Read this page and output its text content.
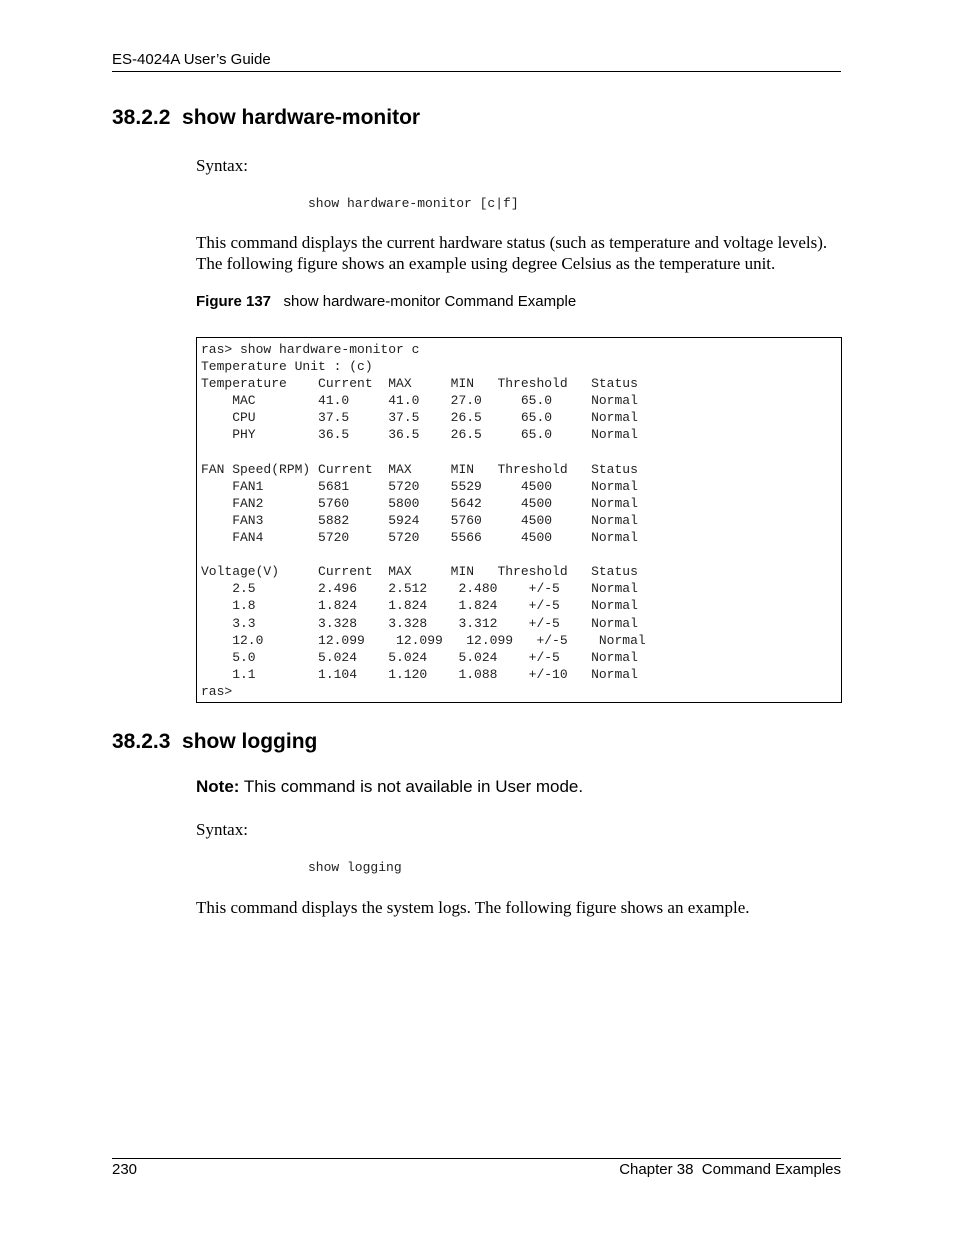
ES-4024A User’s Guide
38.2.2  show hardware-monitor
Syntax:
show hardware-monitor [c|f]
This command displays the current hardware status (such as temperature and voltage levels). The following figure shows an example using degree Celsius as the temperature unit.
Figure 137 show hardware-monitor Command Example
ras> show hardware-monitor c
Temperature Unit : (c)
Temperature    Current  MAX     MIN   Threshold   Status
MAC        41.0     41.0    27.0     65.0     Normal
CPU        37.5     37.5    26.5     65.0     Normal
PHY        36.5     36.5    26.5     65.0     Normal

FAN Speed(RPM) Current  MAX     MIN   Threshold   Status
FAN1       5681     5720    5529     4500     Normal
FAN2       5760     5800    5642     4500     Normal
FAN3       5882     5924    5760     4500     Normal
FAN4       5720     5720    5566     4500     Normal

Voltage(V)     Current  MAX     MIN   Threshold   Status
2.5        2.496    2.512    2.480    +/-5    Normal
1.8        1.824    1.824    1.824    +/-5    Normal
3.3        3.328    3.328    3.312    +/-5    Normal
12.0       12.099    12.099   12.099   +/-5    Normal
5.0        5.024    5.024    5.024    +/-5    Normal
1.1        1.104    1.120    1.088    +/-10   Normal
ras>
38.2.3  show logging
Note: This command is not available in User mode.
Syntax:
show logging
This command displays the system logs. The following figure shows an example.
230	Chapter 38  Command Examples
